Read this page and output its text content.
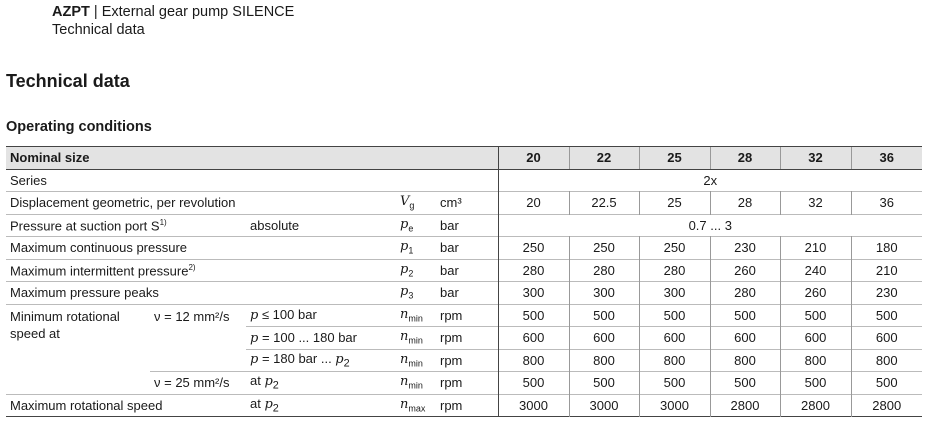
AZPT | External gear pump SILENCE
Technical data
Technical data
Operating conditions
Nominal size					20	22	25	28	32	36
Series					2x					
Displacement geometric, per revolution			$V_g$	cm³	20	22.5	25	28	32	36
Pressure at suction port $S^{1)}$		absolute	$p_e$	bar	0.7 ... 3					
Maximum continuous pressure			$p_1$	bar	250	250	250	230	210	180
Maximum intermittent pressure$^{2)}$			$p_2$	bar	280	280	280	260	240	210
Maximum pressure peaks			$p_3$	bar	300	300	300	280	260	230

Minimum rotational
speed at	ν = 12 mm²/s	p ≤ 100 bar	$n_{min}$	rpm	500	500	500	500	500	500
		p = 100 ... 180 bar	$n_{min}$	rpm	600	600	600	600	600	600
		p = 180 bar ... $p_2$	$n_{min}$	rpm	800	800	800	800	800	800
	ν = 25 mm²/s	at $p_2$	$n_{min}$	rpm	500	500	500	500	500	500
Maximum rotational speed		at $p_2$	$n_{max}$	rpm	3000	3000	3000	2800	2800	2800
